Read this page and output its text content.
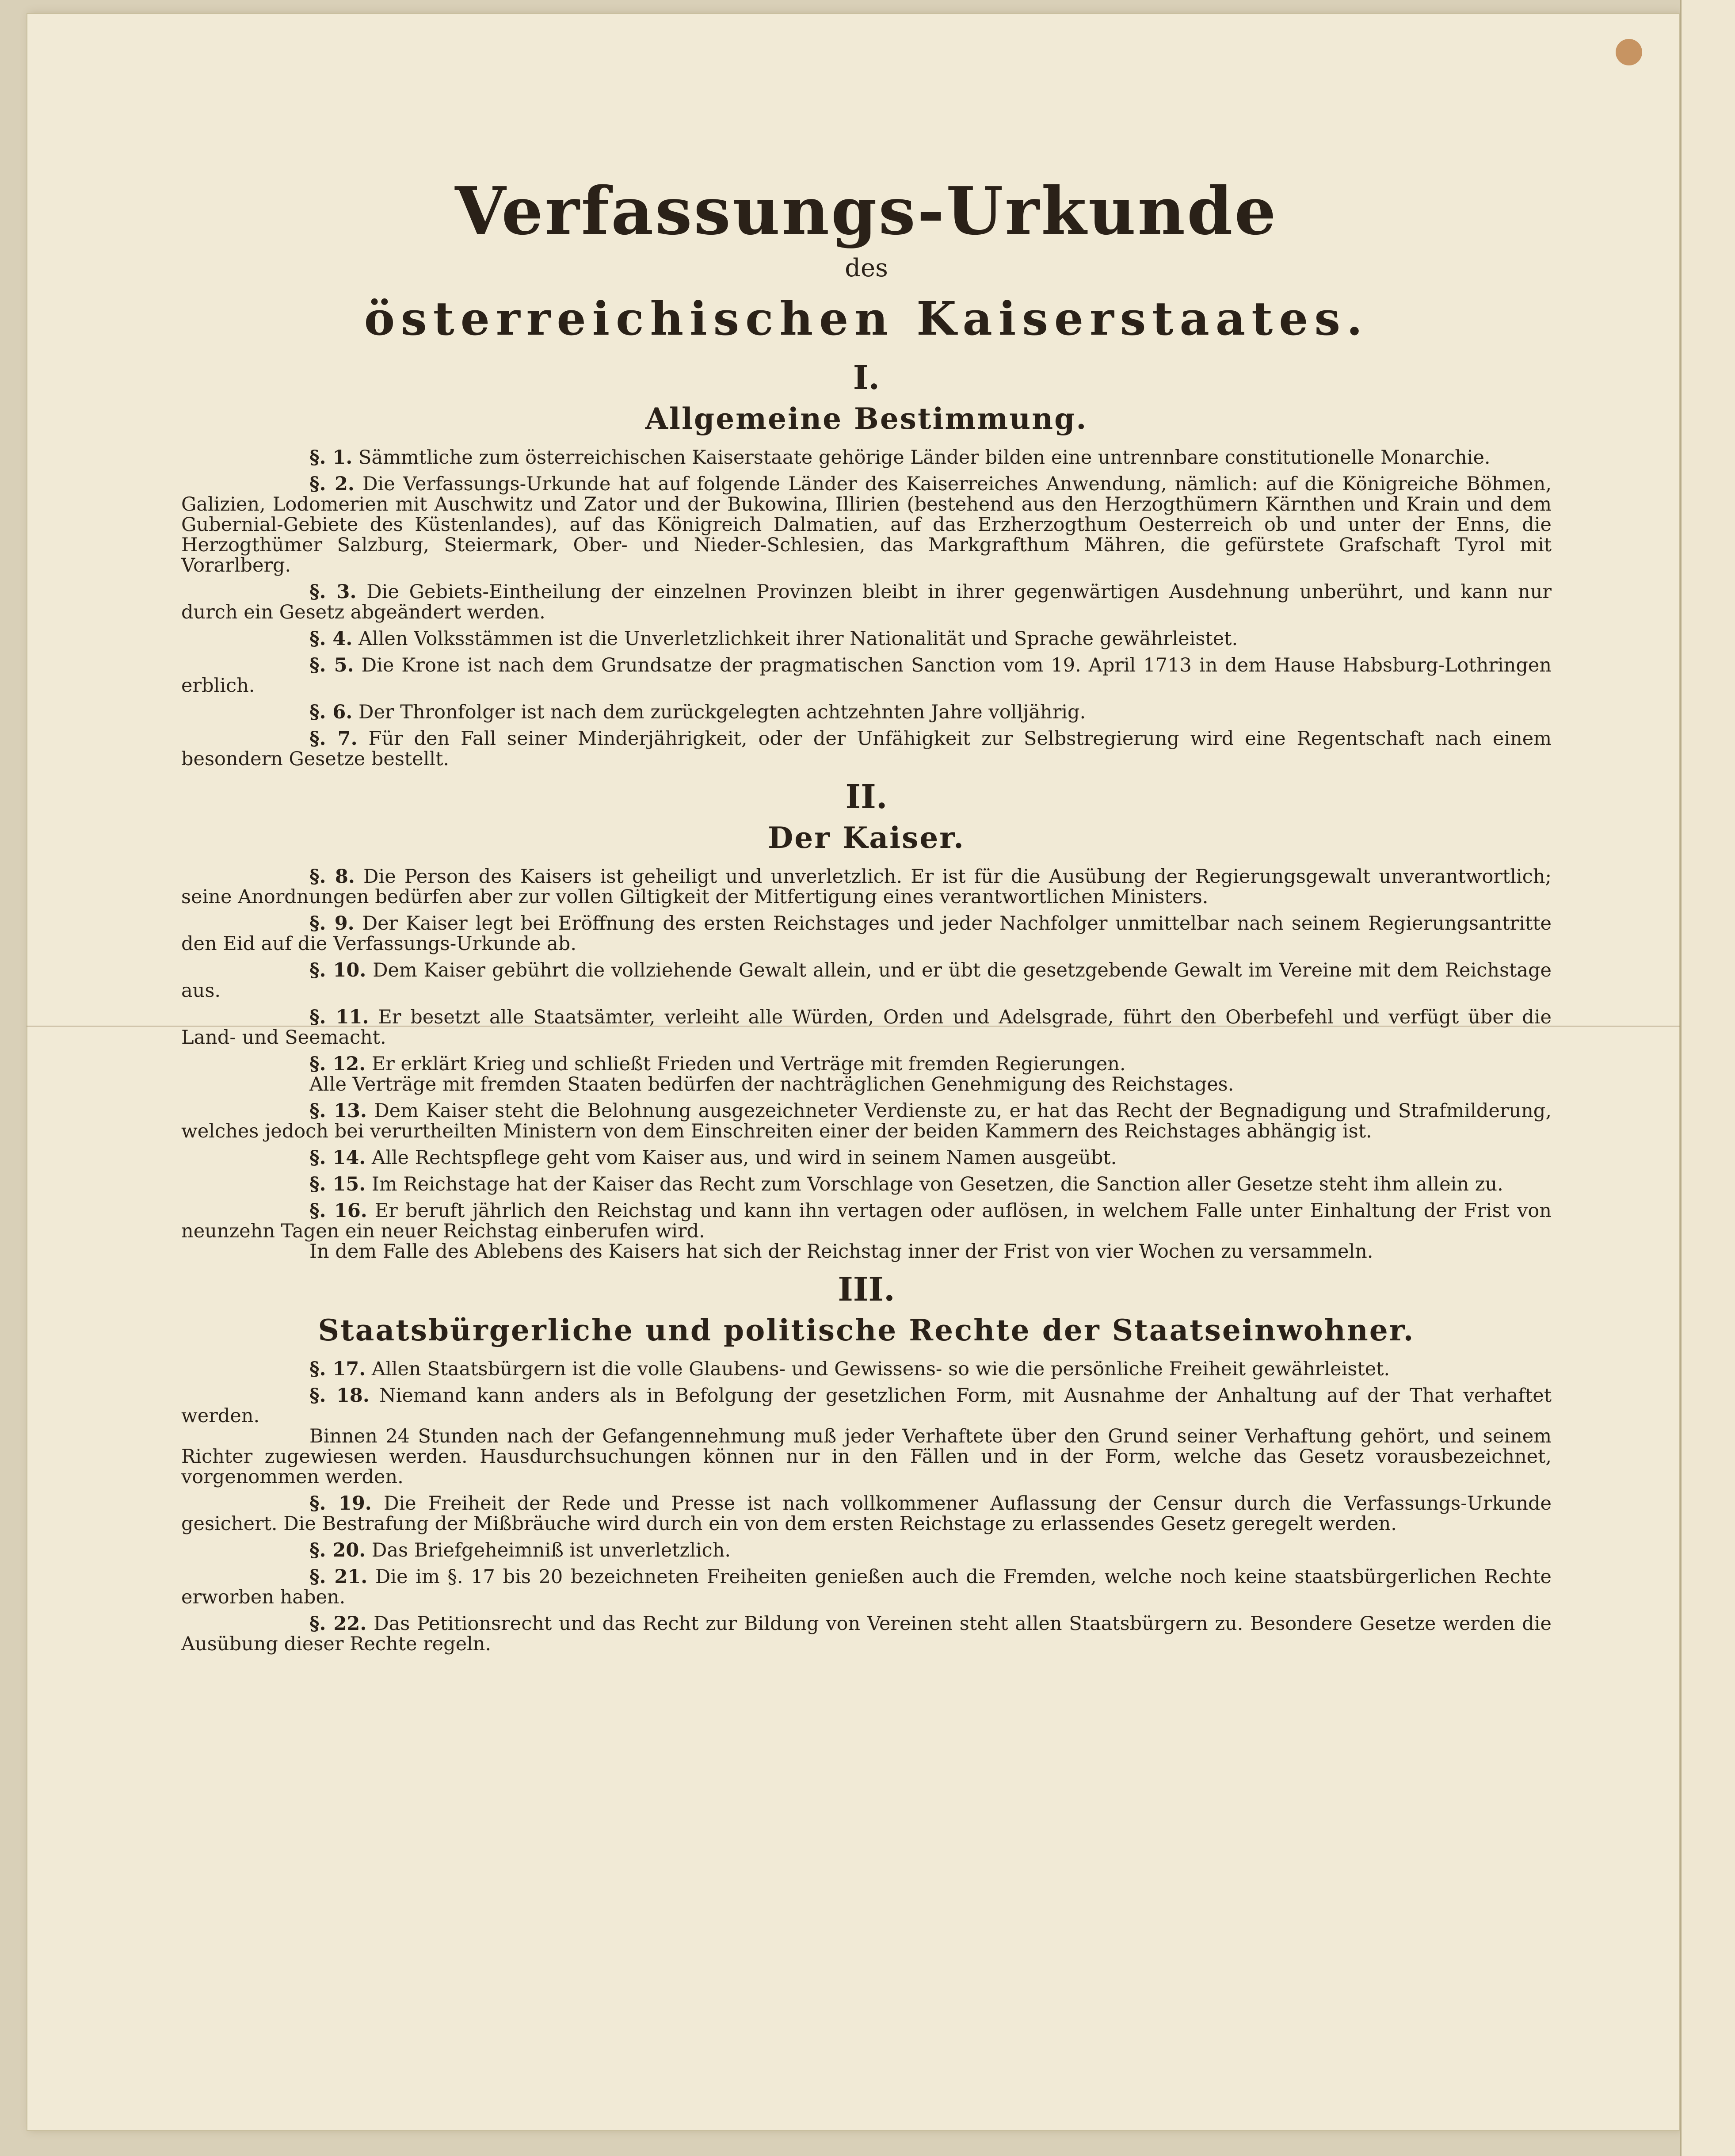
Verfassungs-Urkunde
des
österreichischen Kaiserstaates.
I.
Allgemeine Bestimmung.

§. 1. Sämmtliche zum österreichischen Kaiserstaate gehörige Länder bilden eine untrennbare constitutionelle Monarchie.

§. 2. Die Verfassungs-Urkunde hat auf folgende Länder des Kaiserreiches Anwendung, nämlich: auf die Königreiche Böhmen, Galizien, Lodomerien mit Auschwitz und Zator und der Bukowina, Illirien (bestehend aus den Herzogthümern Kärnthen und Krain und dem Gubernial-Gebiete des Küstenlandes), auf das Königreich Dalmatien, auf das Erzherzogthum Oesterreich ob und unter der Enns, die Herzogthümer Salzburg, Steiermark, Ober- und Nieder-Schlesien, das Markgrafthum Mähren, die gefürstete Grafschaft Tyrol mit Vorarlberg.

§. 3. Die Gebiets-Eintheilung der einzelnen Provinzen bleibt in ihrer gegenwärtigen Ausdehnung unberührt, und kann nur durch ein Gesetz abgeändert werden.

§. 4. Allen Volksstämmen ist die Unverletzlichkeit ihrer Nationalität und Sprache gewährleistet.

§. 5. Die Krone ist nach dem Grundsatze der pragmatischen Sanction vom 19. April 1713 in dem Hause Habsburg-Lothringen erblich.

§. 6. Der Thronfolger ist nach dem zurückgelegten achtzehnten Jahre volljährig.

§. 7. Für den Fall seiner Minderjährigkeit, oder der Unfähigkeit zur Selbstregierung wird eine Regentschaft nach einem besondern Gesetze bestellt.

II.
Der Kaiser.

§. 8. Die Person des Kaisers ist geheiligt und unverletzlich. Er ist für die Ausübung der Regierungsgewalt unverantwortlich; seine Anordnungen bedürfen aber zur vollen Giltigkeit der Mitfertigung eines verantwortlichen Ministers.

§. 9. Der Kaiser legt bei Eröffnung des ersten Reichstages und jeder Nachfolger unmittelbar nach seinem Regierungsantritte den Eid auf die Verfassungs-Urkunde ab.

§. 10. Dem Kaiser gebührt die vollziehende Gewalt allein, und er übt die gesetzgebende Gewalt im Vereine mit dem Reichstage aus.

§. 11. Er besetzt alle Staatsämter, verleiht alle Würden, Orden und Adelsgrade, führt den Oberbefehl und verfügt über die Land- und Seemacht.

§. 12. Er erklärt Krieg und schließt Frieden und Verträge mit fremden Regierungen.

Alle Verträge mit fremden Staaten bedürfen der nachträglichen Genehmigung des Reichstages.

§. 13. Dem Kaiser steht die Belohnung ausgezeichneter Verdienste zu, er hat das Recht der Begnadigung und Strafmilderung, welches jedoch bei verurtheilten Ministern von dem Einschreiten einer der beiden Kammern des Reichstages abhängig ist.

§. 14. Alle Rechtspflege geht vom Kaiser aus, und wird in seinem Namen ausgeübt.

§. 15. Im Reichstage hat der Kaiser das Recht zum Vorschlage von Gesetzen, die Sanction aller Gesetze steht ihm allein zu.

§. 16. Er beruft jährlich den Reichstag und kann ihn vertagen oder auflösen, in welchem Falle unter Einhaltung der Frist von neunzehn Tagen ein neuer Reichstag einberufen wird.

In dem Falle des Ablebens des Kaisers hat sich der Reichstag inner der Frist von vier Wochen zu versammeln.

III.
Staatsbürgerliche und politische Rechte der Staatseinwohner.

§. 17. Allen Staatsbürgern ist die volle Glaubens- und Gewissens- so wie die persönliche Freiheit gewährleistet.

§. 18. Niemand kann anders als in Befolgung der gesetzlichen Form, mit Ausnahme der Anhaltung auf der That verhaftet werden.

Binnen 24 Stunden nach der Gefangennehmung muß jeder Verhaftete über den Grund seiner Verhaftung gehört, und seinem Richter zugewiesen werden. Hausdurchsuchungen können nur in den Fällen und in der Form, welche das Gesetz vorausbezeichnet, vorgenommen werden.

§. 19. Die Freiheit der Rede und Presse ist nach vollkommener Auflassung der Censur durch die Verfassungs-Urkunde gesichert. Die Bestrafung der Mißbräuche wird durch ein von dem ersten Reichstage zu erlassendes Gesetz geregelt werden.

§. 20. Das Briefgeheimniß ist unverletzlich.

§. 21. Die im §. 17 bis 20 bezeichneten Freiheiten genießen auch die Fremden, welche noch keine staatsbürgerlichen Rechte erworben haben.

§. 22. Das Petitionsrecht und das Recht zur Bildung von Vereinen steht allen Staatsbürgern zu. Besondere Gesetze werden die Ausübung dieser Rechte regeln.
